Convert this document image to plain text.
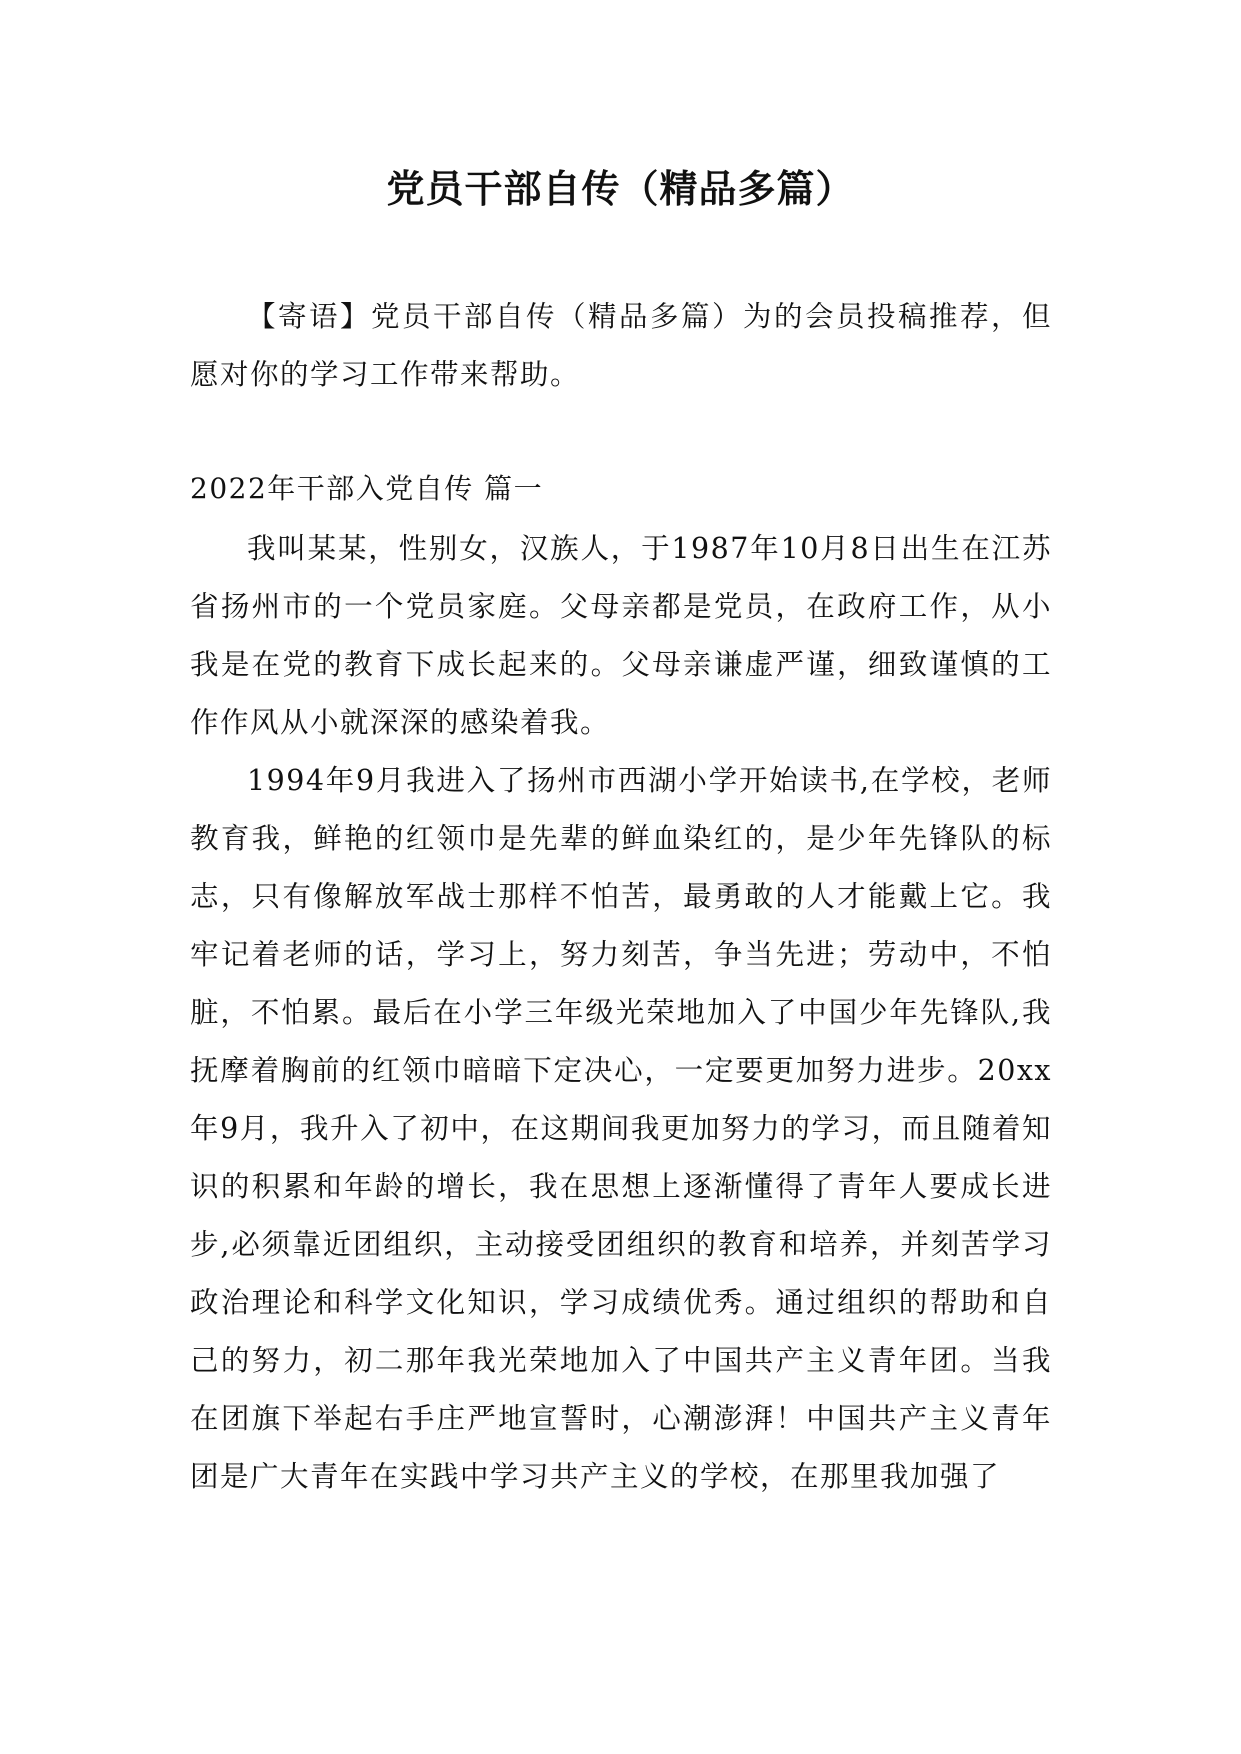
党员干部自传（精品多篇）

【寄语】党员干部自传（精品多篇）为的会员投稿推荐，但愿对你的学习工作带来帮助。

2022年干部入党自传 篇一

我叫某某，性别女，汉族人，于1987年10月8日出生在江苏省扬州市的一个党员家庭。父母亲都是党员，在政府工作，从小我是在党的教育下成长起来的。父母亲谦虚严谨，细致谨慎的工作作风从小就深深的感染着我。

1994年9月我进入了扬州市西湖小学开始读书,在学校，老师教育我，鲜艳的红领巾是先辈的鲜血染红的，是少年先锋队的标志，只有像解放军战士那样不怕苦，最勇敢的人才能戴上它。我牢记着老师的话，学习上，努力刻苦，争当先进；劳动中，不怕脏，不怕累。最后在小学三年级光荣地加入了中国少年先锋队,我抚摩着胸前的红领巾暗暗下定决心，一定要更加努力进步。20xx年9月，我升入了初中，在这期间我更加努力的学习，而且随着知识的积累和年龄的增长，我在思想上逐渐懂得了青年人要成长进步,必须靠近团组织，主动接受团组织的教育和培养，并刻苦学习政治理论和科学文化知识，学习成绩优秀。通过组织的帮助和自己的努力，初二那年我光荣地加入了中国共产主义青年团。当我在团旗下举起右手庄严地宣誓时，心潮澎湃！中国共产主义青年团是广大青年在实践中学习共产主义的学校，在那里我加强了
